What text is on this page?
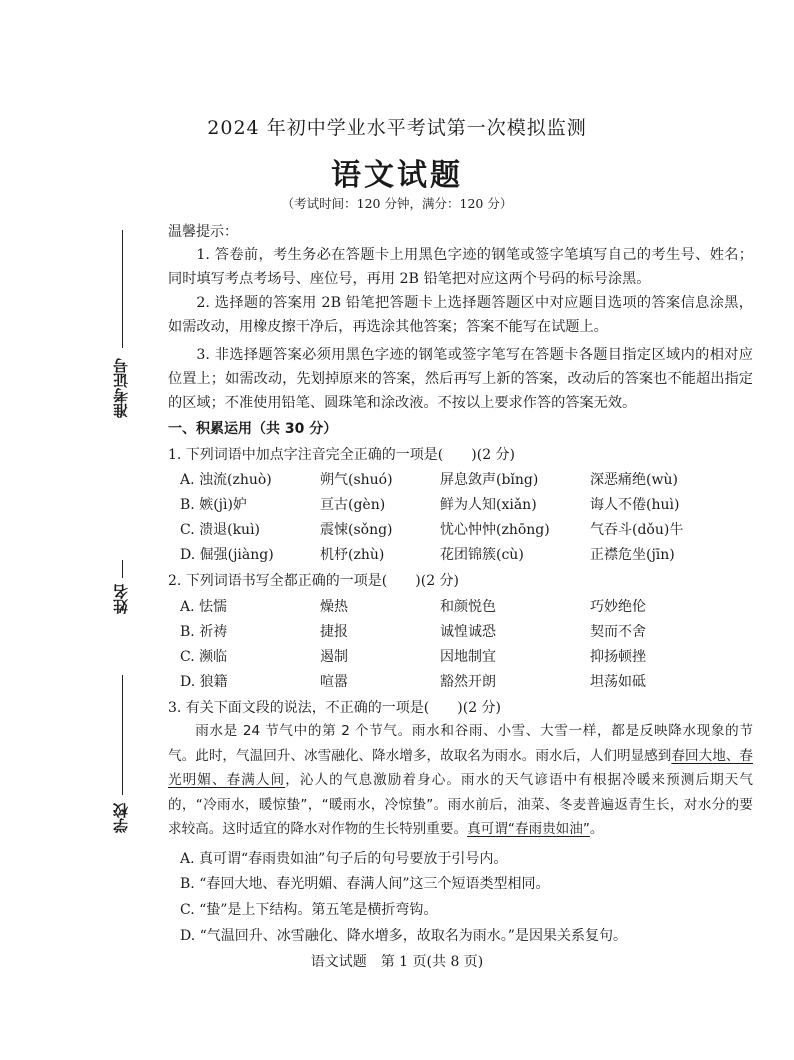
2024 年初中学业水平考试第一次模拟监测
语文试题
（考试时间：120 分钟，满分：120 分）
准考证号
姓名
学校
温馨提示：
1. 答卷前，考生务必在答题卡上用黑色字迹的钢笔或签字笔填写自己的考生号、姓名；同时填写考点考场号、座位号，再用 2B 铅笔把对应这两个号码的标号涂黑。
2. 选择题的答案用 2B 铅笔把答题卡上选择题答题区中对应题目选项的答案信息涂黑，如需改动，用橡皮擦干净后，再选涂其他答案；答案不能写在试题上。
3. 非选择题答案必须用黑色字迹的钢笔或签字笔写在答题卡各题目指定区域内的相对应位置上；如需改动，先划掉原来的答案，然后再写上新的答案，改动后的答案也不能超出指定的区域；不准使用铅笔、圆珠笔和涂改液。不按以上要求作答的答案无效。
一、积累运用（共 30 分）
1. 下列词语中加点字注音完全正确的一项是(　　)(2 分)
A. 浊流(zhuò)	朔气(shuó)	屏息敛声(bǐng)	深恶痛绝(wù)
B. 嫉(jì)妒	亘古(gèn)	鲜为人知(xiǎn)	诲人不倦(huì)
C. 溃退(kuì)	震悚(sǒng)	忧心忡忡(zhōng)	气吞斗(dǒu)牛
D. 倔强(jiàng)	机杼(zhù)	花团锦簇(cù)	正襟危坐(jīn)
2. 下列词语书写全都正确的一项是(　　)(2 分)
A. 怯懦	燥热	和颜悦色	巧妙绝伦
B. 祈祷	捷报	诚惶诚恐	契而不舍
C. 濒临	遏制	因地制宜	抑扬顿挫
D. 狼籍	喧嚣	豁然开朗	坦荡如砥
3. 有关下面文段的说法，不正确的一项是(　　)(2 分)
雨水是 24 节气中的第 2 个节气。雨水和谷雨、小雪、大雪一样，都是反映降水现象的节气。此时，气温回升、冰雪融化、降水增多，故取名为雨水。雨水后，人们明显感到春回大地、春光明媚、春满人间，沁人的气息激励着身心。雨水的天气谚语中有根据冷暖来预测后期天气的，“冷雨水，暖惊蛰”，“暖雨水，冷惊蛰”。雨水前后，油菜、冬麦普遍返青生长，对水分的要求较高。这时适宜的降水对作物的生长特别重要。真可谓“春雨贵如油”。
A. 真可谓“春雨贵如油”句子后的句号要放于引号内。
B. “春回大地、春光明媚、春满人间”这三个短语类型相同。
C. “蛰”是上下结构。第五笔是横折弯钩。
D. “气温回升、冰雪融化、降水增多，故取名为雨水。”是因果关系复句。
语文试题　第 1 页(共 8 页)
